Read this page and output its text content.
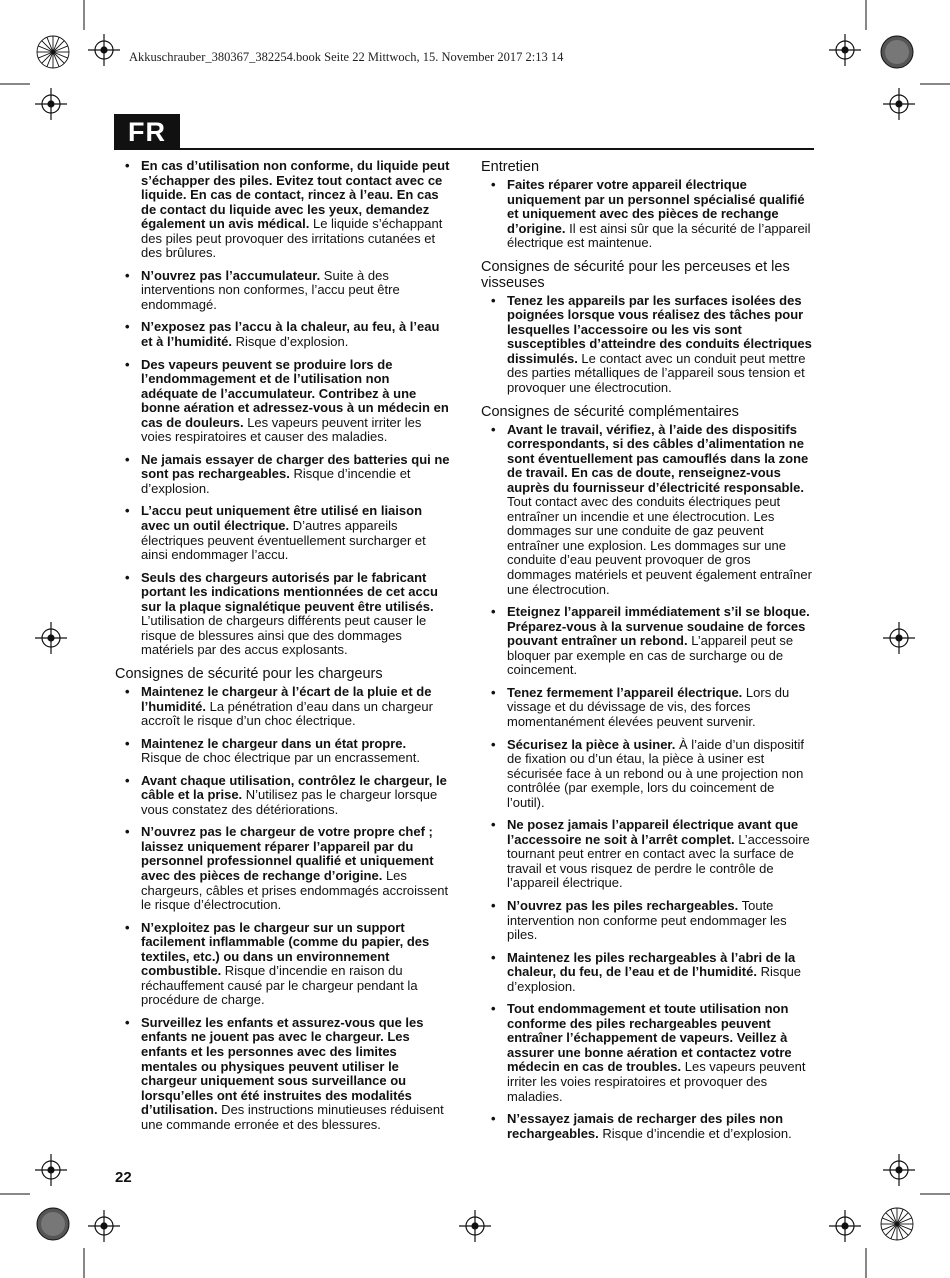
Akkuschrauber_380367_382254.book Seite 22 Mittwoch, 15. November 2017 2:13 14
FR
• En cas d’utilisation non conforme, du liquide peut s’échapper des piles. Evitez tout contact avec ce liquide. En cas de contact, rincez à l’eau. En cas de contact du liquide avec les yeux, demandez également un avis médical. Le liquide s’échappant des piles peut provoquer des irritations cutanées et des brûlures.
• N’ouvrez pas l’accumulateur. Suite à des interventions non conformes, l’accu peut être endommagé.
• N’exposez pas l’accu à la chaleur, au feu, à l’eau et à l’humidité. Risque d’explosion.
• Des vapeurs peuvent se produire lors de l’endommagement et de l’utilisation non adéquate de l’accumulateur. Contribez à une bonne aération et adressez-vous à un médecin en cas de douleurs. Les vapeurs peuvent irriter les voies respiratoires et causer des maladies.
• Ne jamais essayer de charger des batteries qui ne sont pas rechargeables. Risque d’incendie et d’explosion.
• L’accu peut uniquement être utilisé en liaison avec un outil électrique. D’autres appareils électriques peuvent éventuellement surcharger et ainsi endommager l’accu.
• Seuls des chargeurs autorisés par le fabricant portant les indications mentionnées de cet accu sur la plaque signalétique peuvent être utilisés. L’utilisation de chargeurs différents peut causer le risque de blessures ainsi que des dommages matériels par des accus explosants.
Consignes de sécurité pour les chargeurs
• Maintenez le chargeur à l’écart de la pluie et de l’humidité. La pénétration d’eau dans un chargeur accroît le risque d’un choc électrique.
• Maintenez le chargeur dans un état propre. Risque de choc électrique par un encrassement.
• Avant chaque utilisation, contrôlez le chargeur, le câble et la prise. N’utilisez pas le chargeur lorsque vous constatez des détériorations.
• N’ouvrez pas le chargeur de votre propre chef ; laissez uniquement réparer l’appareil par du personnel professionnel qualifié et uniquement avec des pièces de rechange d’origine. Les chargeurs, câbles et prises endommagés accroissent le risque d’électrocution.
• N’exploitez pas le chargeur sur un support facilement inflammable (comme du papier, des textiles, etc.) ou dans un environnement combustible. Risque d’incendie en raison du réchauffement causé par le chargeur pendant la procédure de charge.
• Surveillez les enfants et assurez-vous que les enfants ne jouent pas avec le chargeur. Les enfants et les personnes avec des limites mentales ou physiques peuvent utiliser le chargeur uniquement sous surveillance ou lorsqu’elles ont été instruites des modalités d’utilisation. Des instructions minutieuses réduisent une commande erronée et des blessures.
Entretien
• Faites réparer votre appareil électrique uniquement par un personnel spécialisé qualifié et uniquement avec des pièces de rechange d’origine. Il est ainsi sûr que la sécurité de l’appareil électrique est maintenue.
Consignes de sécurité pour les perceuses et les visseuses
• Tenez les appareils par les surfaces isolées des poignées lorsque vous réalisez des tâches pour lesquelles l’accessoire ou les vis sont susceptibles d’atteindre des conduits électriques dissimulés. Le contact avec un conduit peut mettre des parties métalliques de l’appareil sous tension et provoquer une électrocution.
Consignes de sécurité complémentaires
• Avant le travail, vérifiez, à l’aide des dispositifs correspondants, si des câbles d’alimentation ne sont éventuellement pas camouflés dans la zone de travail. En cas de doute, renseignez-vous auprès du fournisseur d’électricité responsable. Tout contact avec des conduits électriques peut entraîner un incendie et une électrocution. Les dommages sur une conduite de gaz peuvent entraîner une explosion. Les dommages sur une conduite d’eau peuvent provoquer de gros dommages matériels et peuvent également entraîner une électrocution.
• Eteignez l’appareil immédiatement s’il se bloque. Préparez-vous à la survenue soudaine de forces pouvant entraîner un rebond. L’appareil peut se bloquer par exemple en cas de surcharge ou de coincement.
• Tenez fermement l’appareil électrique. Lors du vissage et du dévissage de vis, des forces momentanément élevées peuvent survenir.
• Sécurisez la pièce à usiner. À l’aide d’un dispositif de fixation ou d’un étau, la pièce à usiner est sécurisée face à un rebond ou à une projection non contrôlée (par exemple, lors du coincement de l’outil).
• Ne posez jamais l’appareil électrique avant que l’accessoire ne soit à l’arrêt complet. L’accessoire tournant peut entrer en contact avec la surface de travail et vous risquez de perdre le contrôle de l’appareil électrique.
• N’ouvrez pas les piles rechargeables. Toute intervention non conforme peut endommager les piles.
• Maintenez les piles rechargeables à l’abri de la chaleur, du feu, de l’eau et de l’humidité. Risque d’explosion.
• Tout endommagement et toute utilisation non conforme des piles rechargeables peuvent entraîner l’échappement de vapeurs. Veillez à assurer une bonne aération et contactez votre médecin en cas de troubles. Les vapeurs peuvent irriter les voies respiratoires et provoquer des maladies.
• N’essayez jamais de recharger des piles non rechargeables. Risque d’incendie et d’explosion.
22
